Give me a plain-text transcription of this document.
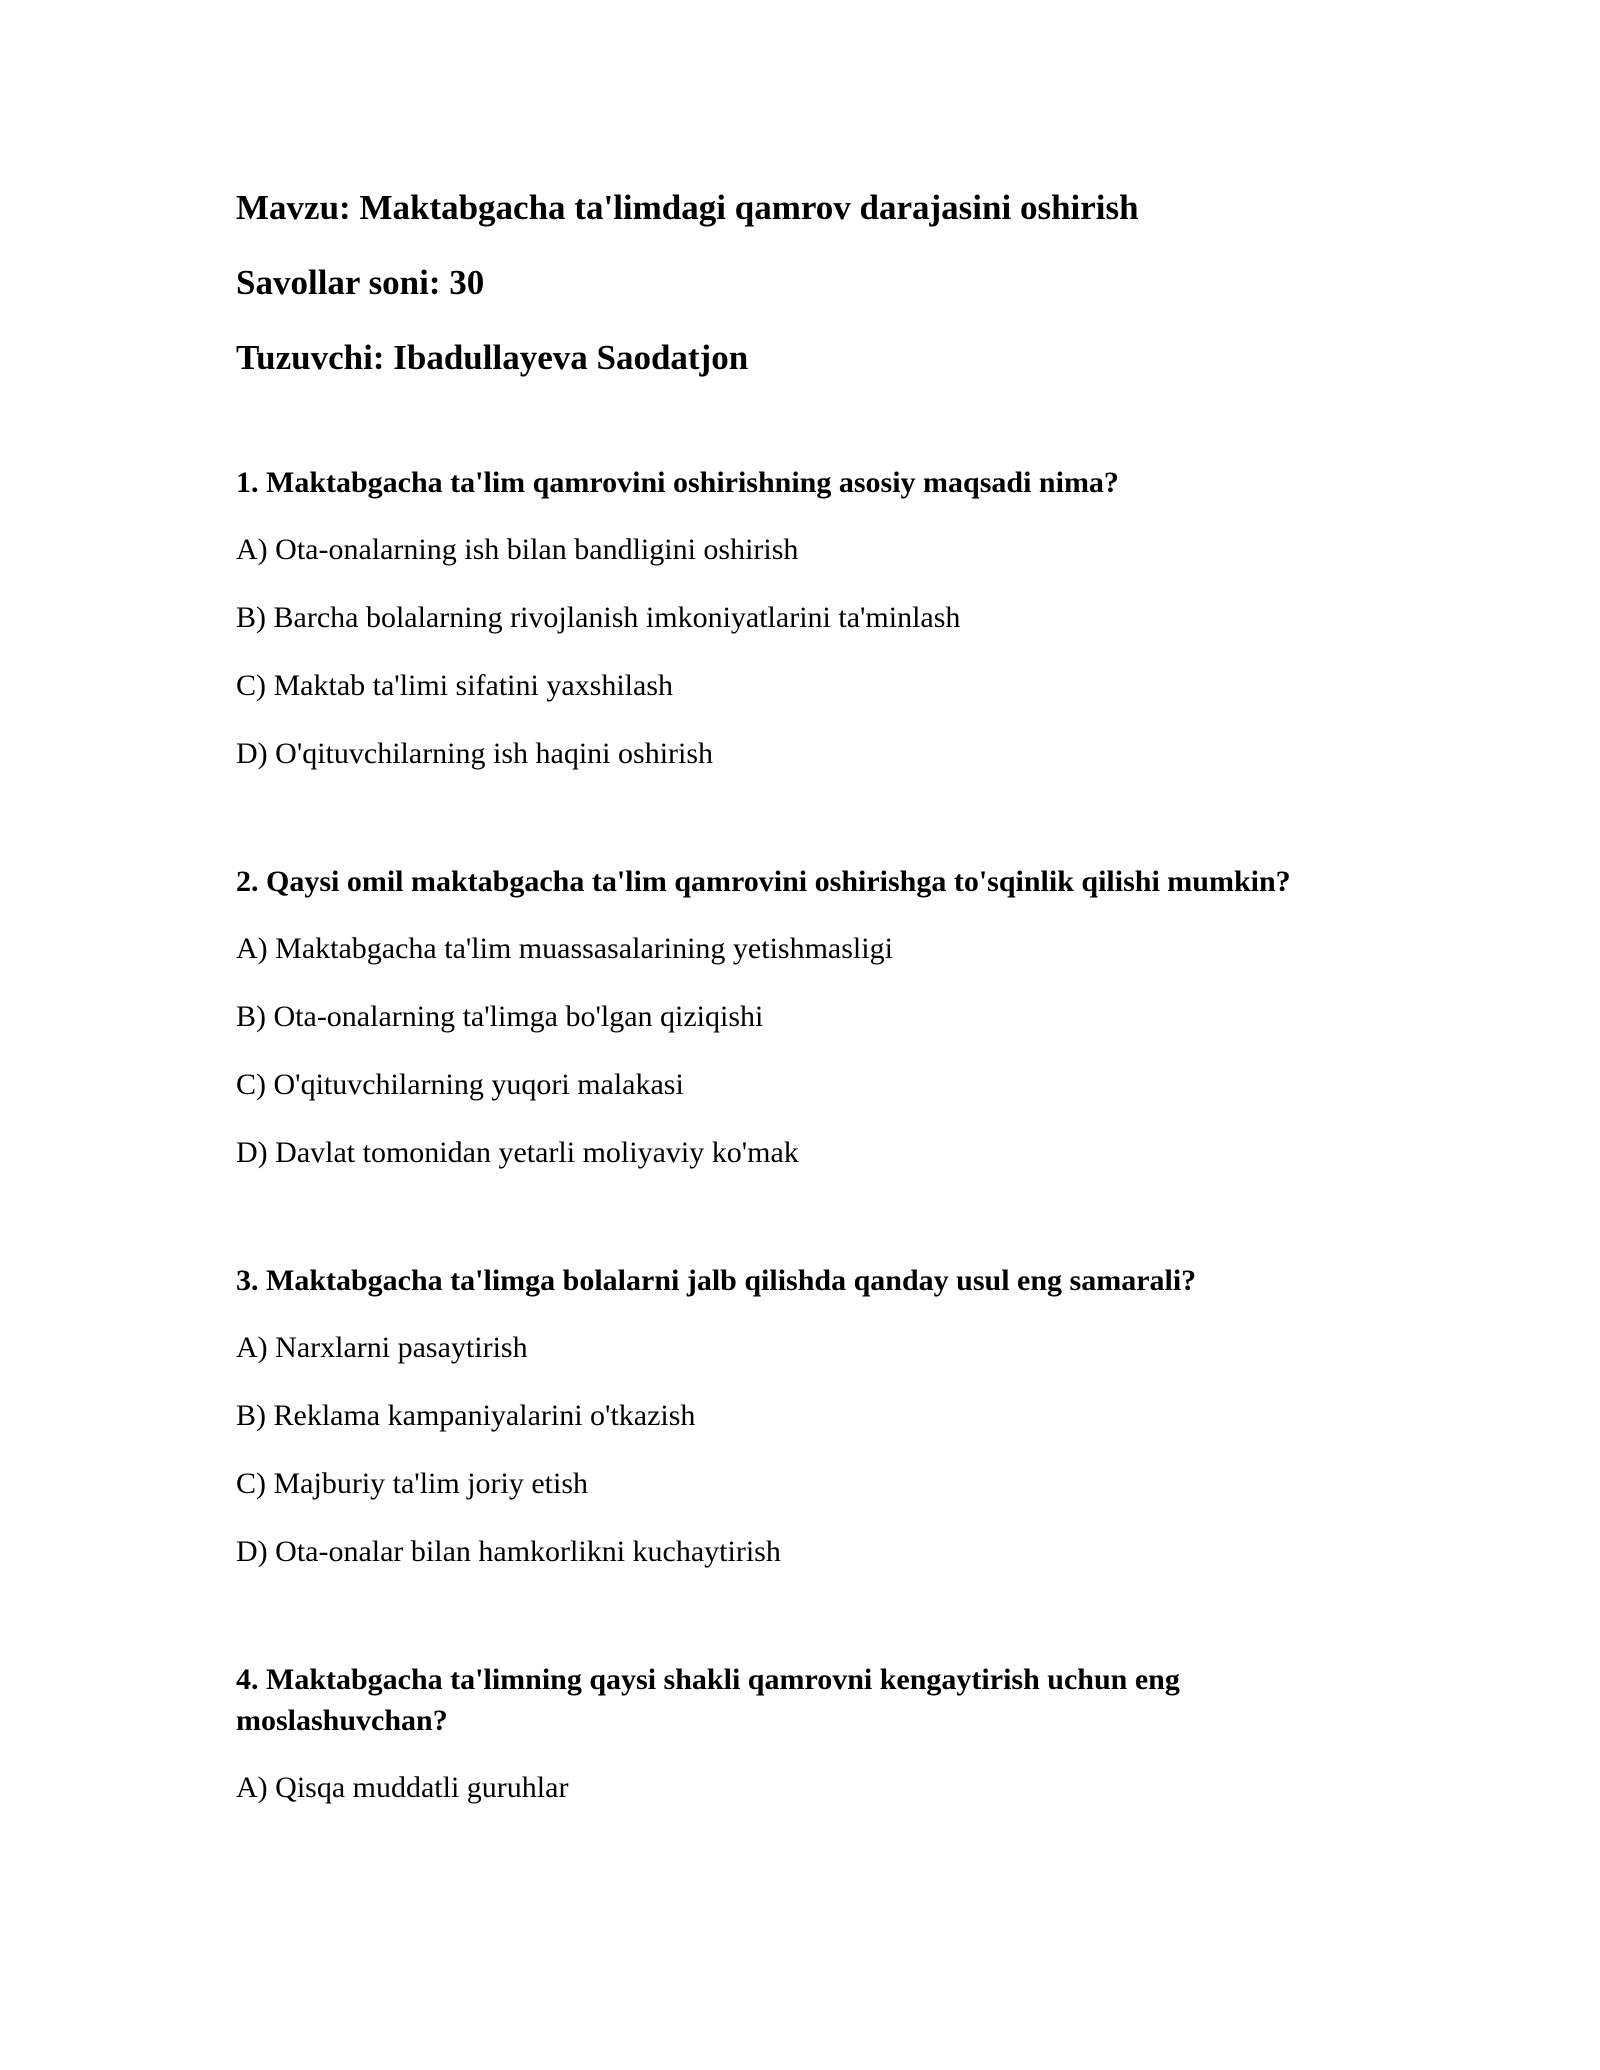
Mavzu: Maktabgacha ta'limdagi qamrov darajasini oshirish
Savollar soni: 30
Tuzuvchi: Ibadullayeva Saodatjon
1. Maktabgacha ta'lim qamrovini oshirishning asosiy maqsadi nima?
A) Ota-onalarning ish bilan bandligini oshirish
B) Barcha bolalarning rivojlanish imkoniyatlarini ta'minlash
C) Maktab ta'limi sifatini yaxshilash
D) O'qituvchilarning ish haqini oshirish
2. Qaysi omil maktabgacha ta'lim qamrovini oshirishga to'sqinlik qilishi mumkin?
A) Maktabgacha ta'lim muassasalarining yetishmasligi
B) Ota-onalarning ta'limga bo'lgan qiziqishi
C) O'qituvchilarning yuqori malakasi
D) Davlat tomonidan yetarli moliyaviy ko'mak
3. Maktabgacha ta'limga bolalarni jalb qilishda qanday usul eng samarali?
A) Narxlarni pasaytirish
B) Reklama kampaniyalarini o'tkazish
C) Majburiy ta'lim joriy etish
D) Ota-onalar bilan hamkorlikni kuchaytirish
4. Maktabgacha ta'limning qaysi shakli qamrovni kengaytirish uchun eng moslashuvchan?
A) Qisqa muddatli guruhlar
